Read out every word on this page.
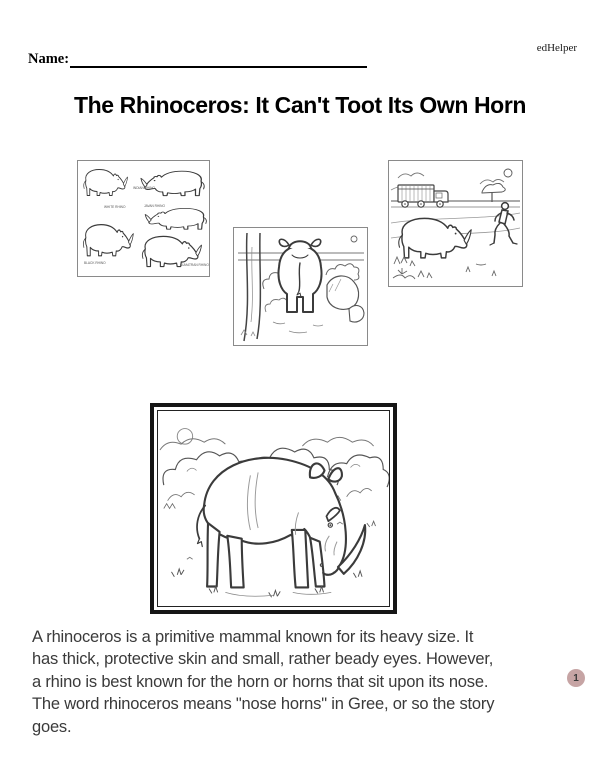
edHelper
Name:
The Rhinoceros: It Can't Toot Its Own Horn
WHITE RHINO
INDIAN RHINO
JAVAN RHINO
BLACK RHINO	SUMATRAN RHINO
A rhinoceros is a primitive mammal known for its heavy size. It
has thick, protective skin and small, rather beady eyes. However,
a rhino is best known for the horn or horns that sit upon its nose.
The word rhinoceros means "nose horns" in Gree, or so the story
goes.
1
